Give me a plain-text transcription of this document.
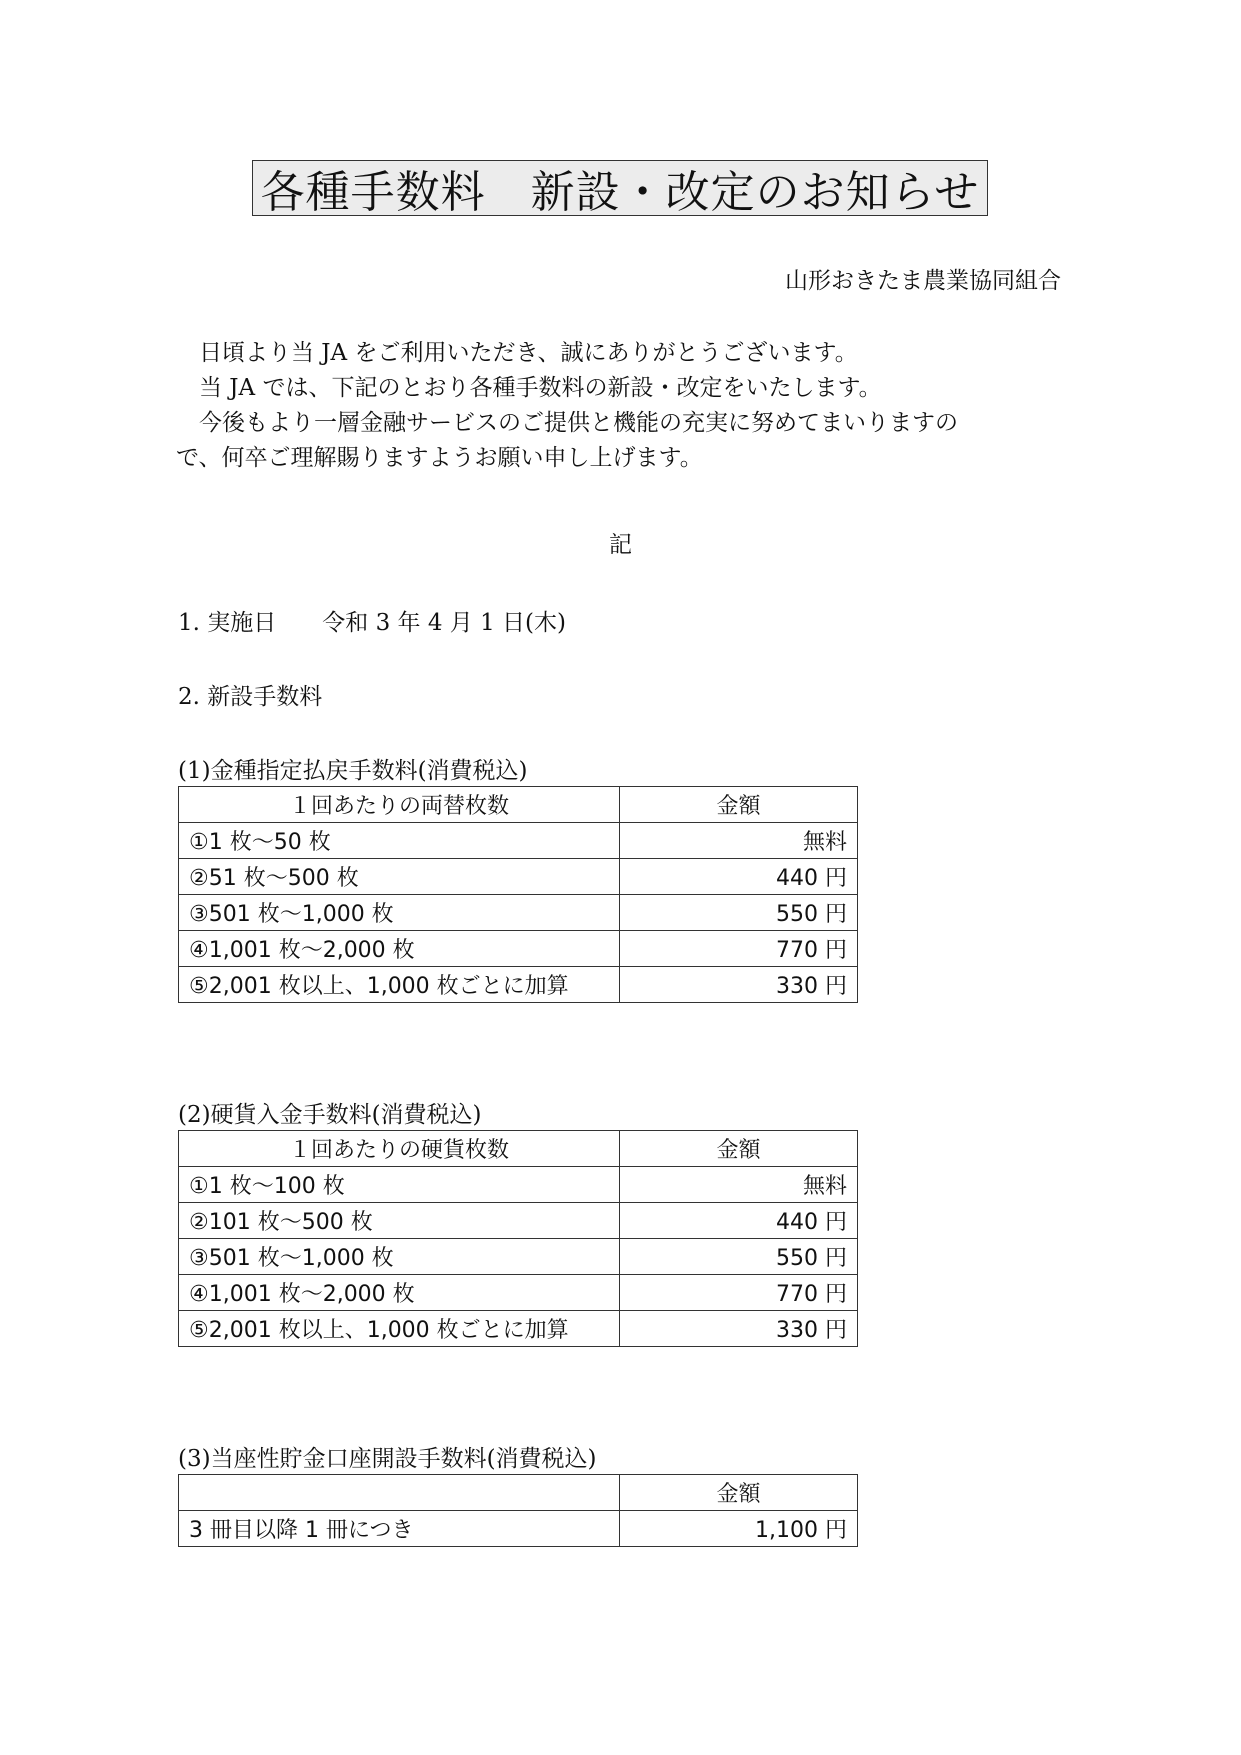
各種手数料　新設・改定のお知らせ
山形おきたま農業協同組合

　日頃より当 JA をご利用いただき、誠にありがとうございます。

　当 JA では、下記のとおり各種手数料の新設・改定をいたします。

　今後もより一層金融サービスのご提供と機能の充実に努めてまいりますの

で、何卒ご理解賜りますようお願い申し上げます。

記
1. 実施日　　令和 3 年 4 月 1 日(木)
2. 新設手数料
(1)金種指定払戻手数料(消費税込)
１回あたりの両替枚数	金額
①1 枚～50 枚	無料
②51 枚～500 枚	440 円
③501 枚～1,000 枚	550 円
④1,001 枚～2,000 枚	770 円
⑤2,001 枚以上、1,000 枚ごとに加算	330 円
(2)硬貨入金手数料(消費税込)
１回あたりの硬貨枚数	金額
①1 枚～100 枚	無料
②101 枚～500 枚	440 円
③501 枚～1,000 枚	550 円
④1,001 枚～2,000 枚	770 円
⑤2,001 枚以上、1,000 枚ごとに加算	330 円
(3)当座性貯金口座開設手数料(消費税込)
	金額
3 冊目以降 1 冊につき	1,100 円
